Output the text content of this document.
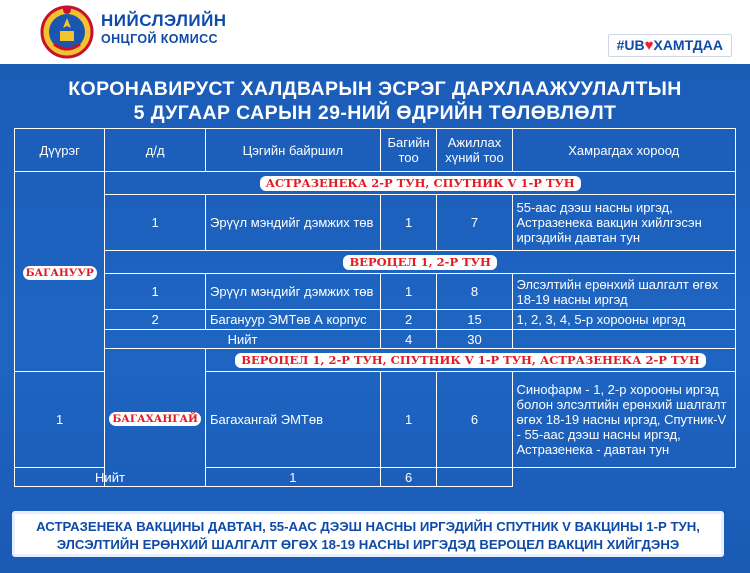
НИЙСЛЭЛИЙН
ОНЦГОЙ КОМИСС	#UB♥ХАМТДАА
КОРОНАВИРУСТ ХАЛДВАРЫН ЭСРЭГ ДАРХЛААЖУУЛАЛТЫН
5 ДУГААР САРЫН 29-НИЙ ӨДРИЙН ТӨЛӨВЛӨЛТ
Дүүрэг	д/д	Цэгийн байршил	Багийн тоо	Ажиллах хүний тоо	Хамрагдах хороод
БАГАНУУР	АСТРАЗЕНЕКА 2-Р ТУН, СПУТНИК V 1-Р ТУН				
	1	Эрүүл мэндийг дэмжих төв	1	7	55-аас дээш насны иргэд, Астразенека вакцин хийлгэсэн иргэдийн давтан тун
	ВЕРОЦЕЛ 1, 2-Р ТУН				
	1	Эрүүл мэндийг дэмжих төв	1	8	Элсэлтийн ерөнхий шалгалт өгөх 18-19 насны иргэд
	2	Багануур ЭМТөв А корпус	2	15	1, 2, 3, 4, 5-р хорооны иргэд
	Нийт		4	30	
	БАГАХАНГАЙ	ВЕРОЦЕЛ 1, 2-Р ТУН, СПУТНИК V 1-Р ТУН, АСТРАЗЕНЕКА 2-Р ТУН			
1		Багахангай ЭМТөв	1	6	Синофарм - 1, 2-р хорооны иргэд болон элсэлтийн ерөнхий шалгалт өгөх 18-19 насны иргэд, Спутник-V - 55-аас дээш насны иргэд, Астразенека - давтан тун
Нийт		1	6		
АСТРАЗЕНЕКА ВАКЦИНЫ ДАВТАН, 55-ААС ДЭЭШ НАСНЫ ИРГЭДИЙН СПУТНИК V ВАКЦИНЫ 1-Р ТУН,
ЭЛСЭЛТИЙН ЕРӨНХИЙ ШАЛГАЛТ ӨГӨХ 18-19 НАСНЫ ИРГЭДЭД ВЕРОЦЕЛ ВАКЦИН ХИЙГДЭНЭ
